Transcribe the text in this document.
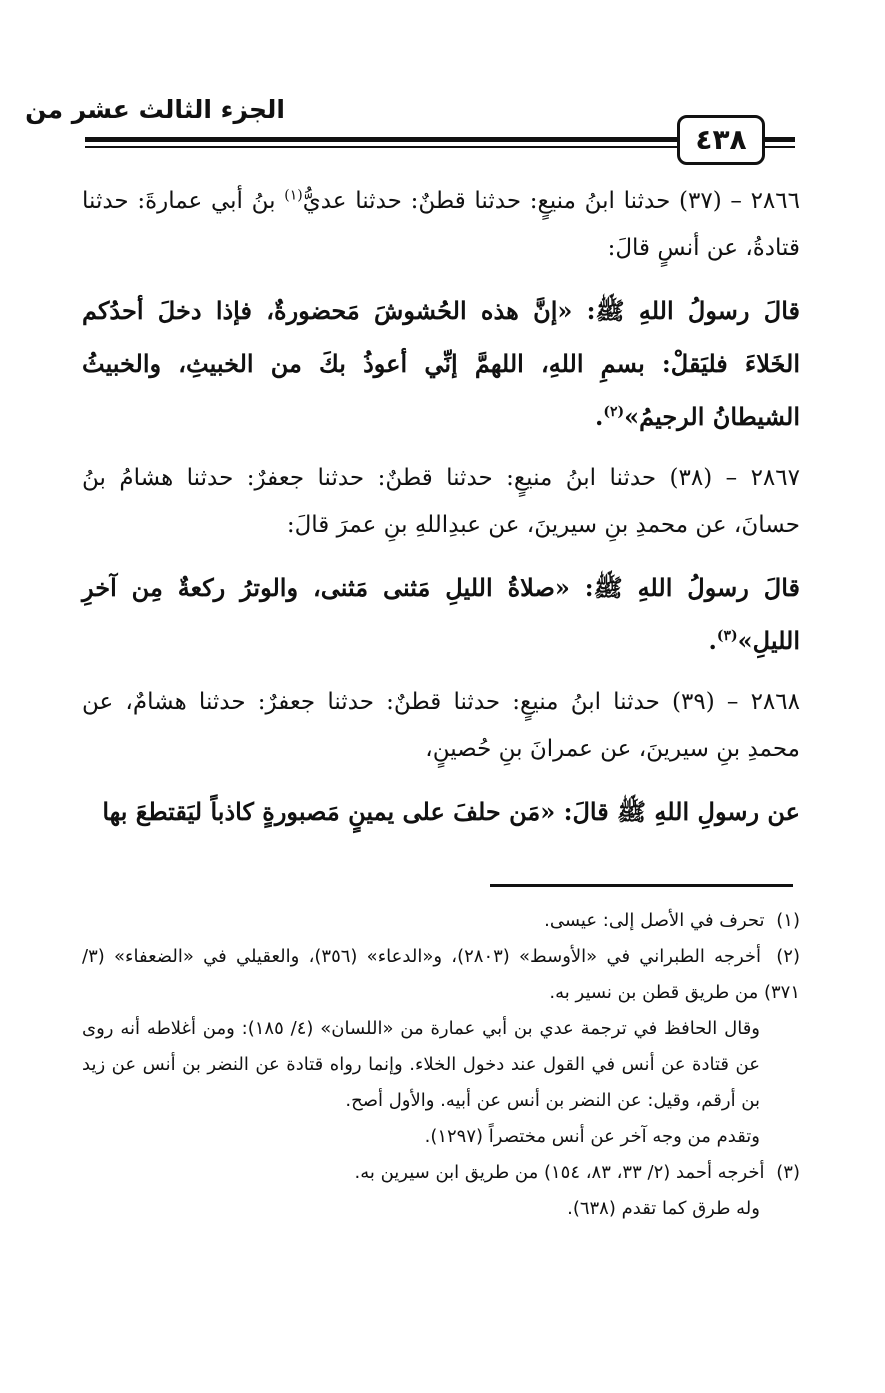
الجزء الثالث عشر من
٤٣٨

٢٨٦٦ – (٣٧) حدثنا ابنُ منيعٍ: حدثنا قطنٌ: حدثنا عديُّ$^{(١)}$ بنُ أبي عمارةَ: حدثنا قتادةُ، عن أنسٍ قالَ:

قالَ رسولُ اللهِ ﷺ: «إنَّ هذه الحُشوشَ مَحضورةٌ، فإذا دخلَ أحدُكم الخَلاءَ فليَقلْ: بسمِ اللهِ، اللهمَّ إنِّي أعوذُ بكَ من الخبيثِ، والخبيثُ الشيطانُ الرجيمُ»$^{(٢)}$.

٢٨٦٧ – (٣٨) حدثنا ابنُ منيعٍ: حدثنا قطنٌ: حدثنا جعفرٌ: حدثنا هشامُ بنُ حسانَ، عن محمدِ بنِ سيرينَ، عن عبدِاللهِ بنِ عمرَ قالَ:

قالَ رسولُ اللهِ ﷺ: «صلاةُ الليلِ مَثنى مَثنى، والوترُ ركعةٌ مِن آخرِ الليلِ»$^{(٣)}$.

٢٨٦٨ – (٣٩) حدثنا ابنُ منيعٍ: حدثنا قطنٌ: حدثنا جعفرٌ: حدثنا هشامٌ، عن محمدِ بنِ سيرينَ، عن عمرانَ بنِ حُصينٍ،

عن رسولِ اللهِ ﷺ قالَ: «مَن حلفَ على يمينٍ مَصبورةٍ كاذباً ليَقتطعَ بها

(١) تحرف في الأصل إلى: عيسى.

(٢) أخرجه الطبراني في «الأوسط» (٢٨٠٣)، و«الدعاء» (٣٥٦)، والعقيلي في «الضعفاء» (٣/ ٣٧١) من طريق قطن بن نسير به.

وقال الحافظ في ترجمة عدي بن أبي عمارة من «اللسان» (٤/ ١٨٥): ومن أغلاطه أنه روى عن قتادة عن أنس في القول عند دخول الخلاء. وإنما رواه قتادة عن النضر بن أنس عن زيد بن أرقم، وقيل: عن النضر بن أنس عن أبيه. والأول أصح.

وتقدم من وجه آخر عن أنس مختصراً (١٢٩٧).

(٣) أخرجه أحمد (٢/ ٣٣، ٨٣، ١٥٤) من طريق ابن سيرين به.

وله طرق كما تقدم (٦٣٨).
